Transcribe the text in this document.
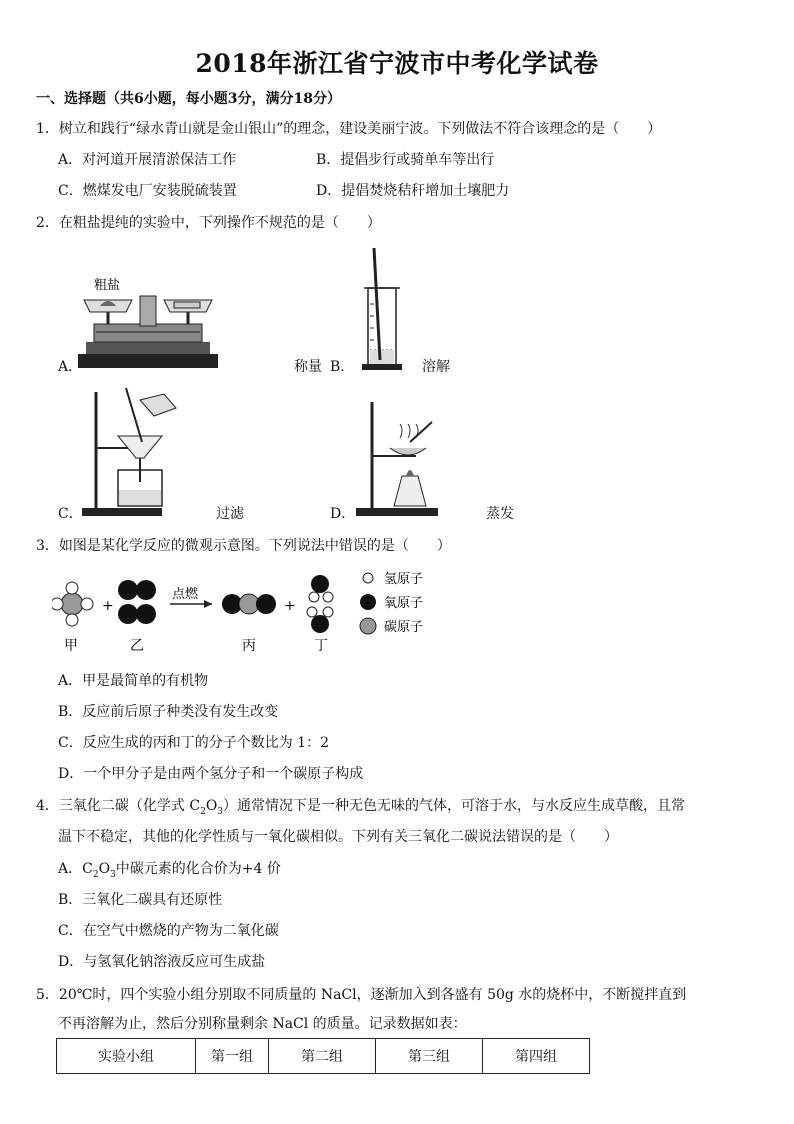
2018年浙江省宁波市中考化学试卷
一、选择题（共6小题，每小题3分，满分18分）
1．树立和践行“绿水青山就是金山银山”的理念，建设美丽宁波。下列做法不符合该理念的是（　　）
A．对河道开展清淤保洁工作	B．提倡步行或骑单车等出行
C．燃煤发电厂安装脱硫装置	D．提倡焚烧秸秆增加土壤肥力
2．在粗盐提纯的实验中，下列操作不规范的是（　　）
粗盐
A．	称量 B．	溶解
C．	过滤	D．	蒸发
3．如图是某化学反应的微观示意图。下列说法中错误的是（　　）
+
点燃
+
甲	乙	丙	丁
氢原子
氧原子
碳原子
A．甲是最简单的有机物
B．反应前后原子种类没有发生改变
C．反应生成的丙和丁的分子个数比为 1：2
D．一个甲分子是由两个氢分子和一个碳原子构成
4．三氧化二碳（化学式 $C_2O_3$）通常情况下是一种无色无味的气体，可溶于水，与水反应生成草酸，且常
温下不稳定，其他的化学性质与一氧化碳相似。下列有关三氧化二碳说法错误的是（　　）
A．$C_2O_3$中碳元素的化合价为+4 价
B．三氧化二碳具有还原性
C．在空气中燃烧的产物为二氧化碳
D．与氢氧化钠溶液反应可生成盐
5．20℃时，四个实验小组分别取不同质量的 NaCl，逐渐加入到各盛有 50g 水的烧杯中，不断搅拌直到
不再溶解为止，然后分别称量剩余 NaCl 的质量。记录数据如表：
实验小组	第一组	第二组	第三组	第四组
